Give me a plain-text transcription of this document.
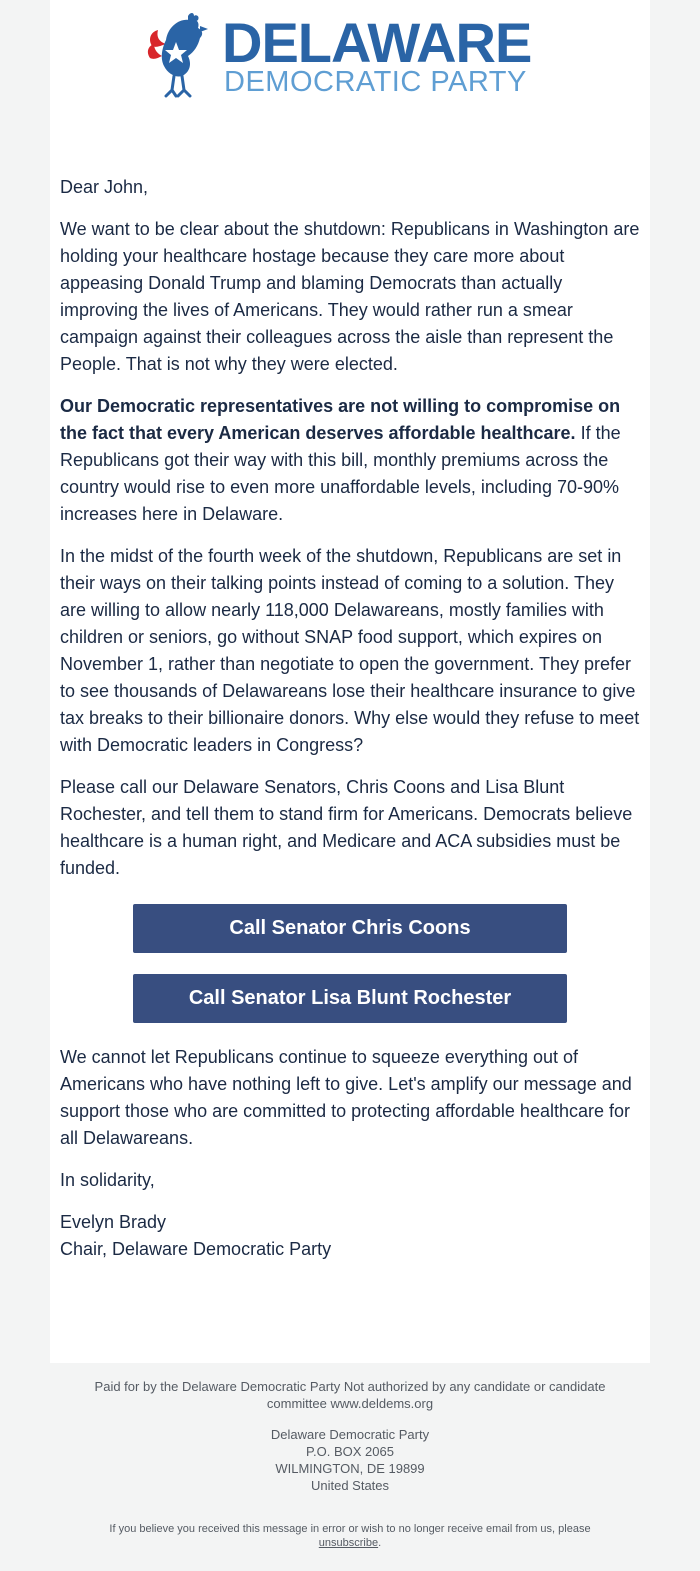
DELAWARE
DEMOCRATIC PARTY

Dear John,

We want to be clear about the shutdown: Republicans in Washington are holding your healthcare hostage because they care more about appeasing Donald Trump and blaming Democrats than actually improving the lives of Americans. They would rather run a smear campaign against their colleagues across the aisle than represent the People. That is not why they were elected.

Our Democratic representatives are not willing to compromise on the fact that every American deserves affordable healthcare. If the Republicans got their way with this bill, monthly premiums across the country would rise to even more unaffordable levels, including 70-90% increases here in Delaware.

In the midst of the fourth week of the shutdown, Republicans are set in their ways on their talking points instead of coming to a solution. They are willing to allow nearly 118,000 Delawareans, mostly families with children or seniors, go without SNAP food support, which expires on November 1, rather than negotiate to open the government. They prefer to see thousands of Delawareans lose their healthcare insurance to give tax breaks to their billionaire donors. Why else would they refuse to meet with Democratic leaders in Congress?

Please call our Delaware Senators, Chris Coons and Lisa Blunt Rochester, and tell them to stand firm for Americans. Democrats believe healthcare is a human right, and Medicare and ACA subsidies must be funded.

Call Senator Chris Coons
Call Senator Lisa Blunt Rochester

We cannot let Republicans continue to squeeze everything out of Americans who have nothing left to give. Let's amplify our message and support those who are committed to protecting affordable healthcare for all Delawareans.

In solidarity,

Evelyn Brady
Chair, Delaware Democratic Party

Paid for by the Delaware Democratic Party Not authorized by any candidate or candidate committee www.deldems.org
Delaware Democratic Party
P.O. BOX 2065
WILMINGTON, DE 19899
United States
If you believe you received this message in error or wish to no longer receive email from us, please unsubscribe.
